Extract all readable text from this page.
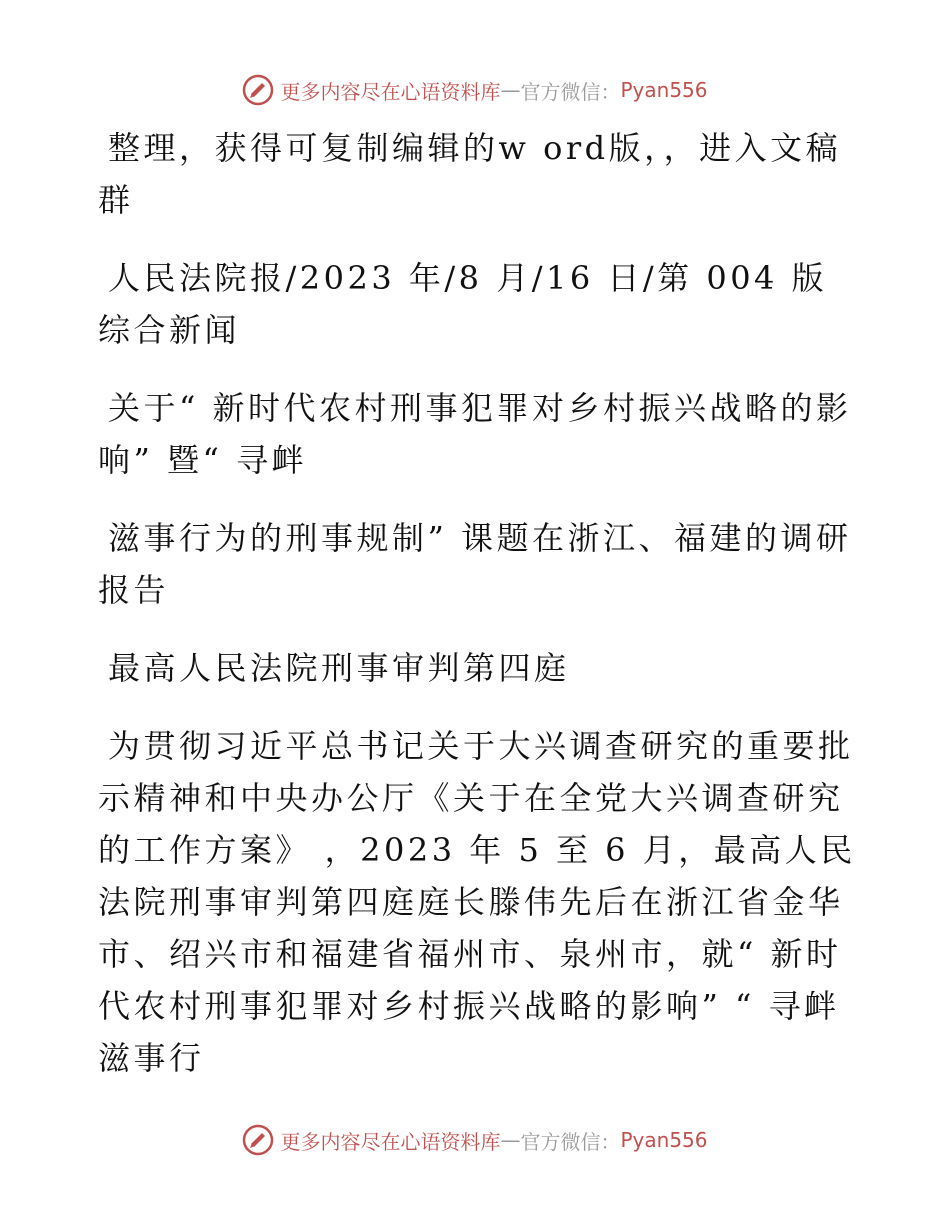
更多内容尽在心语资料库 — 官方微信： Pyan556

整理，获得可复制编辑的w ord版，，进入文稿群

人民法院报/2023 年/8 月/16 日/第 004 版综合新闻

关于“ 新时代农村刑事犯罪对乡村振兴战略的影响” 暨“ 寻衅

滋事行为的刑事规制” 课题在浙江、福建的调研报告

最高人民法院刑事审判第四庭

为贯彻习近平总书记关于大兴调查研究的重要批示精神和中央办公厅《关于在全党大兴调查研究的工作方案》 ，2023 年 5 至 6 月，最高人民法院刑事审判第四庭庭长滕伟先后在浙江省金华市、绍兴市和福建省福州市、泉州市，就“ 新时代农村刑事犯罪对乡村振兴战略的影响” “ 寻衅滋事行

更多内容尽在心语资料库 — 官方微信： Pyan556
